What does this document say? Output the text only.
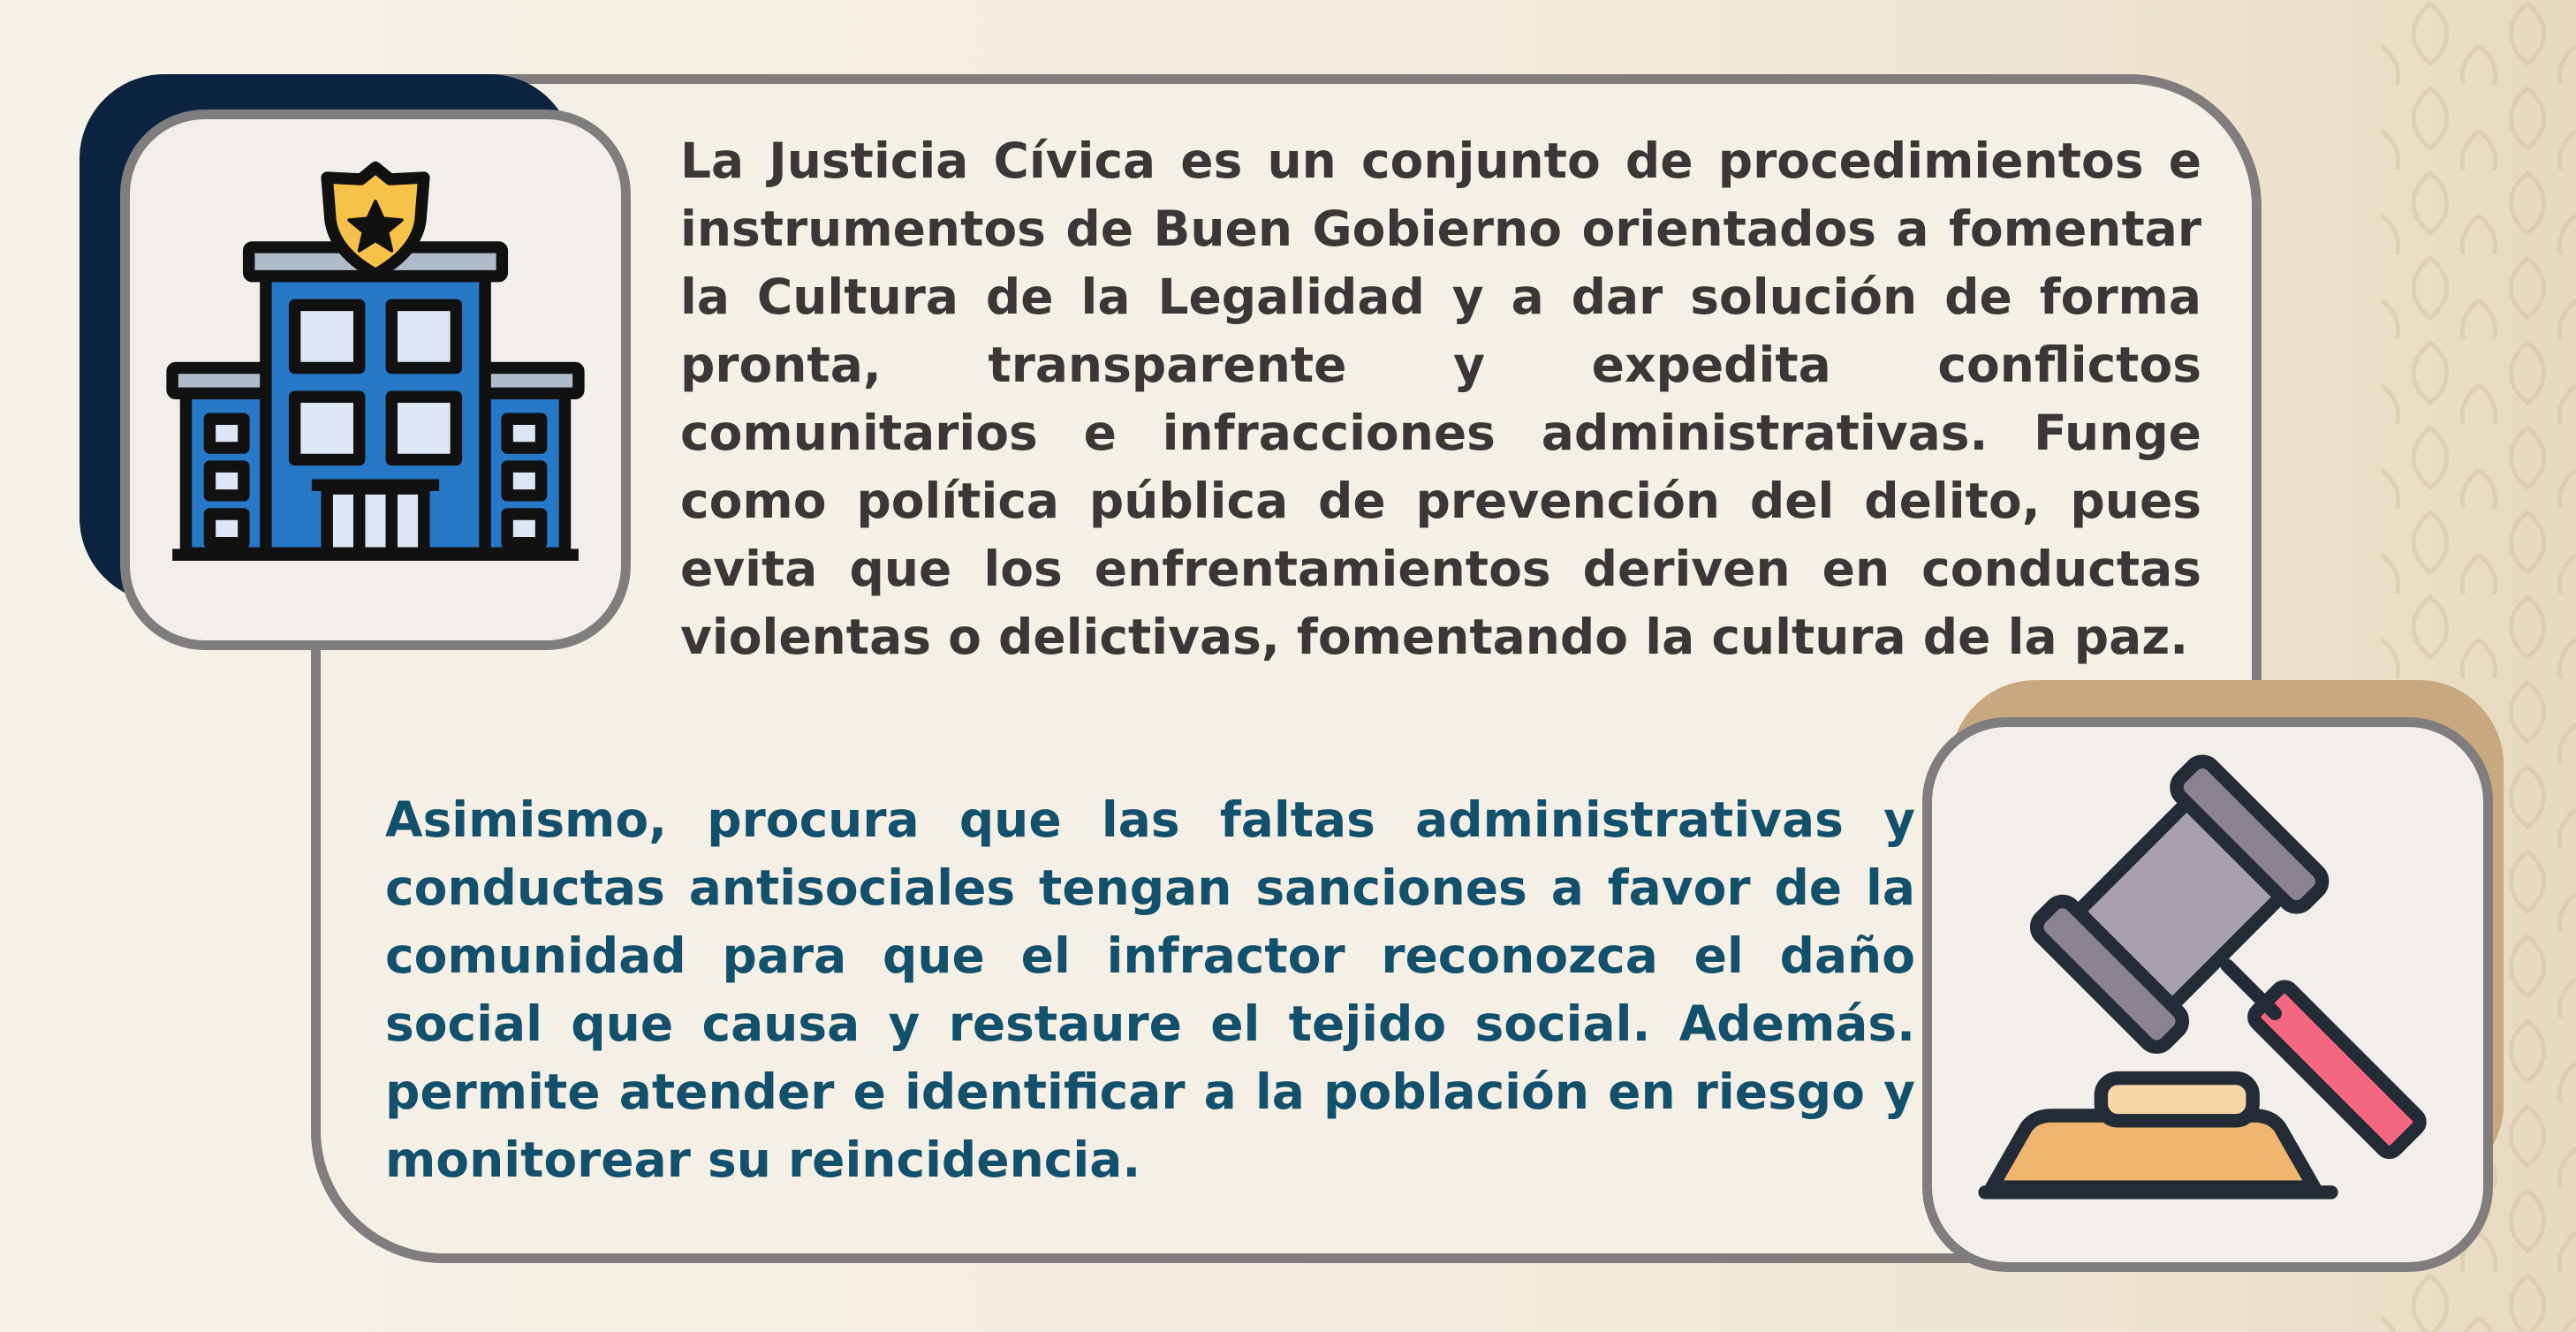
La Justicia Cívica es un conjunto de procedimientos e instrumentos de Buen Gobierno orientados a fomentar la Cultura de la Legalidad y a dar solución de forma pronta, transparente y expedita conflictos comunitarios e infracciones administrativas. Funge como política pública de prevención del delito, pues evita que los enfrentamientos deriven en conductas violentas o delictivas, fomentando la cultura de la paz.

Asimismo, procura que las faltas administrativas y conductas antisociales tengan sanciones a favor de la comunidad para que el infractor reconozca el daño social que causa y restaure el tejido social. Además. permite atender e identificar a la población en riesgo y monitorear su reincidencia.
